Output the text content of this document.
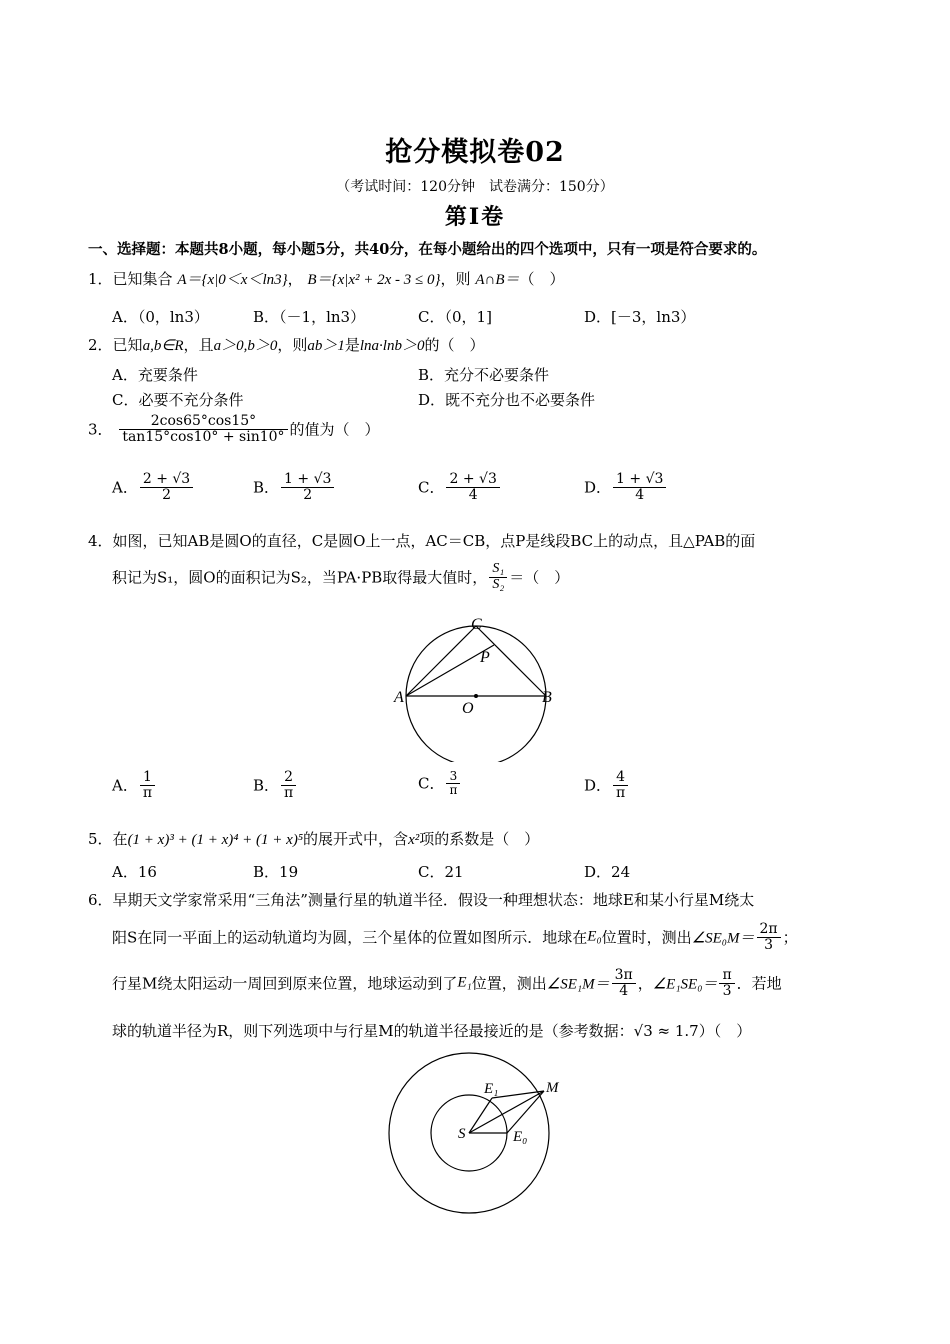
抢分模拟卷02
（考试时间：120分钟　试卷满分：150分）
第Ⅰ卷
一、选择题：本题共8小题，每小题5分，共40分，在每小题给出的四个选项中，只有一项是符合要求的。
1．已知集合 A＝{x|0＜x＜ln3}， B＝{x|x² + 2x - 3 ≤ 0}，则 A∩B＝（　）
A．（0，ln3）	B．（－1，ln3）	C．（0，1]	D．[－3，ln3）
2．已知a,b∈R，且a＞0,b＞0，则ab＞1是lna·lnb＞0的（　）
A．充要条件	B．充分不必要条件
C．必要不充分条件	D．既不充分也不必要条件
3． $\frac{2\cos 65^\circ\cos 15^\circ}{\tan 15^\circ\cos 10^\circ + \sin 10^\circ}$ 的值为（　）
A． $\frac{2 + √3}{2}$	B． $\frac{1 + √3}{2}$	C． $\frac{2 + √3}{4}$	D． $\frac{1 + √3}{4}$
4．如图，已知AB是圆O的直径，C是圆O上一点，AC＝CB，点P是线段BC上的动点，且△PAB的面
积记为S₁，圆O的面积记为S₂，当PA·PB取得最大值时， $\frac{\text{S₁}}{\text{S₂}}$ ＝（　）
C
P
A
O
B
A． $\frac{1}{\pi}$	B． $\frac{2}{\pi}$	C． $\frac{3}{\pi}$	D． $\frac{4}{\pi}$
5．在(1 + x)³ + (1 + x)⁴ + (1 + x)⁵的展开式中，含x²项的系数是（　）
A．16	B．19	C．21	D．24
6．早期天文学家常采用“三角法”测量行星的轨道半径．假设一种理想状态：地球E和某小行星M绕太
阳S在同一平面上的运动轨道均为圆，三个星体的位置如图所示．地球在E₀位置时，测出∠SE₀M＝ $\frac{2\pi}{3}$ ；
行星M绕太阳运动一周回到原来位置，地球运动到了E₁位置，测出∠SE₁M＝ $\frac{3\pi}{4}$ ，∠E₁SE₀＝ $\frac{\pi}{3}$ ．若地
球的轨道半径为R，则下列选项中与行星M的轨道半径最接近的是（参考数据：√3 ≈ 1.7）（　）
E₁	M
S	E₀
